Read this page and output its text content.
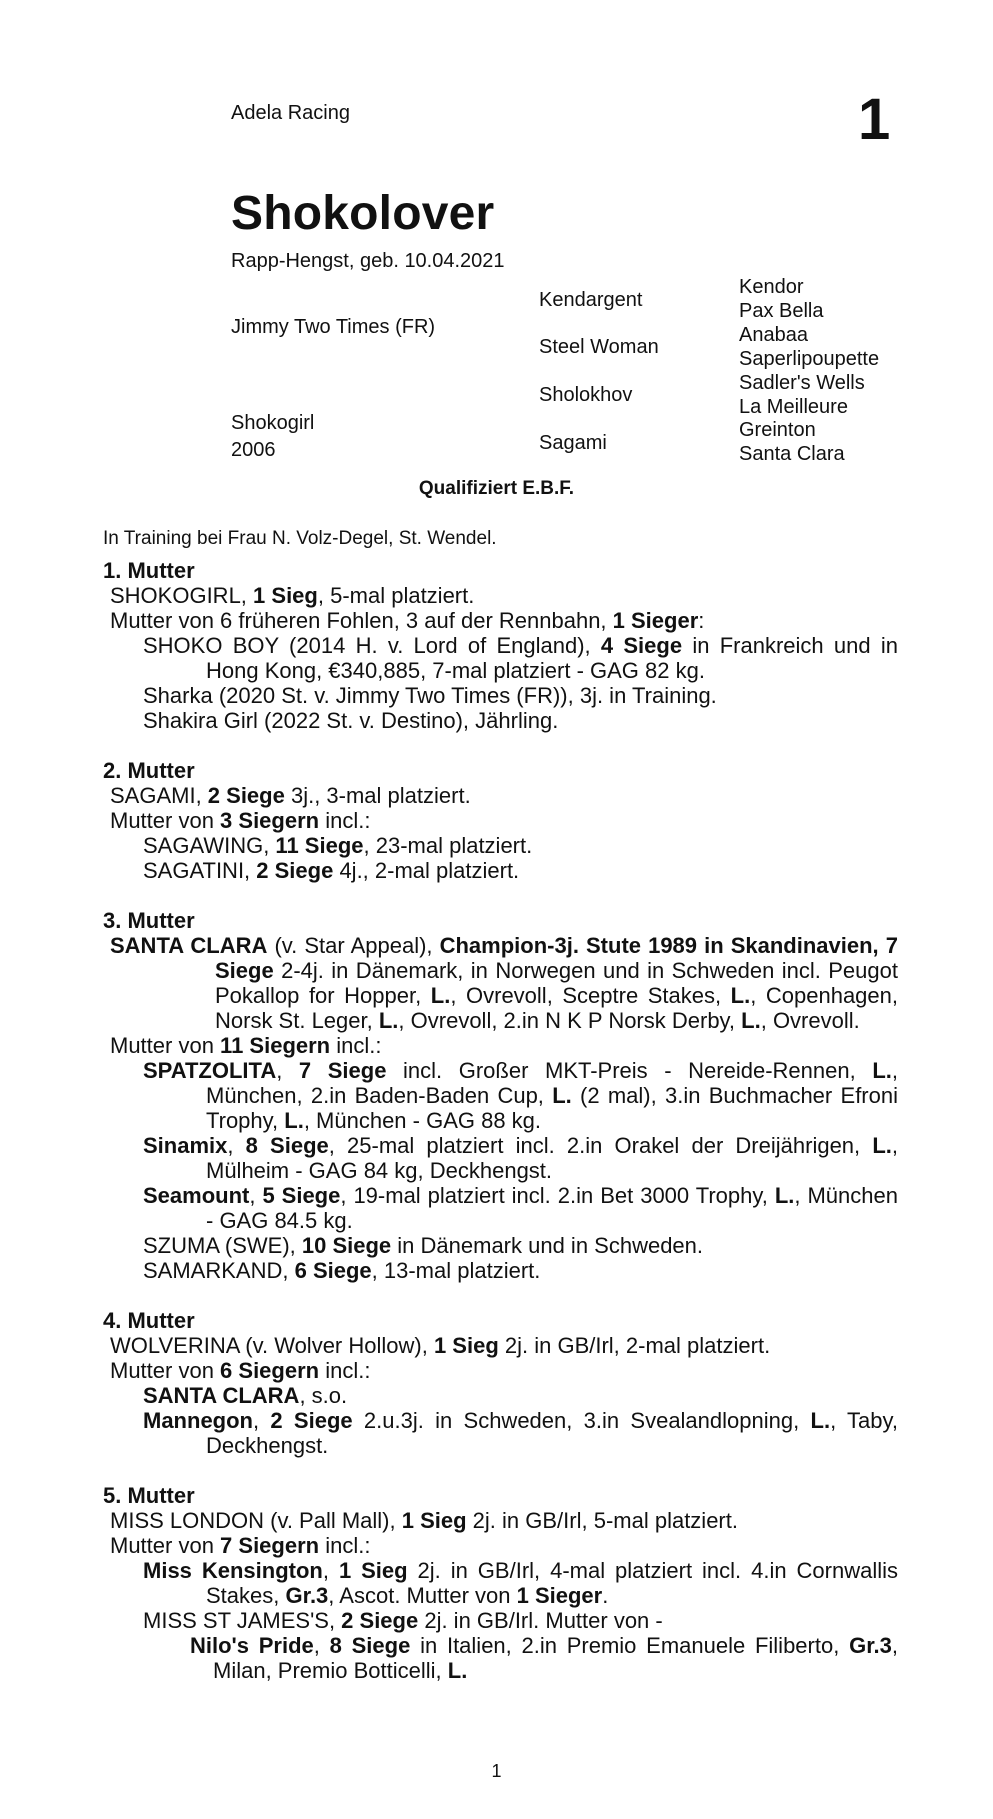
Adela Racing	1
Shokolover
Rapp-Hengst, geb. 10.04.2021
Jimmy Two Times (FR)
Shokogirl
2006
Kendargent
Steel Woman
Sholokhov
Sagami
Kendor
Pax Bella
Anabaa
Saperlipoupette
Sadler's Wells
La Meilleure
Greinton
Santa Clara
Qualifiziert E.B.F.
In Training bei Frau N. Volz-Degel, St. Wendel.
1. Mutter
SHOKOGIRL, 1 Sieg, 5-mal platziert.
Mutter von 6 früheren Fohlen, 3 auf der Rennbahn, 1 Sieger:
SHOKO BOY (2014 H. v. Lord of England), 4 Siege in Frankreich und in Hong Kong, €340,885, 7-mal platziert - GAG 82 kg.
Sharka (2020 St. v. Jimmy Two Times (FR)), 3j. in Training.
Shakira Girl (2022 St. v. Destino), Jährling.
2. Mutter
SAGAMI, 2 Siege 3j., 3-mal platziert.
Mutter von 3 Siegern incl.:
SAGAWING, 11 Siege, 23-mal platziert.
SAGATINI, 2 Siege 4j., 2-mal platziert.
3. Mutter
SANTA CLARA (v. Star Appeal), Champion-3j. Stute 1989 in Skandinavien, 7 Siege 2-4j. in Dänemark, in Norwegen und in Schweden incl. Peugot Pokallop for Hopper, L., Ovrevoll, Sceptre Stakes, L., Copenhagen, Norsk St. Leger, L., Ovrevoll, 2.in N K P Norsk Derby, L., Ovrevoll.
Mutter von 11 Siegern incl.:
SPATZOLITA, 7 Siege incl. Großer MKT-Preis - Nereide-Rennen, L., München, 2.in Baden-Baden Cup, L. (2 mal), 3.in Buchmacher Efroni Trophy, L., München - GAG 88 kg.
Sinamix, 8 Siege, 25-mal platziert incl. 2.in Orakel der Dreijährigen, L., Mülheim - GAG 84 kg, Deckhengst.
Seamount, 5 Siege, 19-mal platziert incl. 2.in Bet 3000 Trophy, L., München - GAG 84.5 kg.
SZUMA (SWE), 10 Siege in Dänemark und in Schweden.
SAMARKAND, 6 Siege, 13-mal platziert.
4. Mutter
WOLVERINA (v. Wolver Hollow), 1 Sieg 2j. in GB/Irl, 2-mal platziert.
Mutter von 6 Siegern incl.:
SANTA CLARA, s.o.
Mannegon, 2 Siege 2.u.3j. in Schweden, 3.in Svealandlopning, L., Taby, Deckhengst.
5. Mutter
MISS LONDON (v. Pall Mall), 1 Sieg 2j. in GB/Irl, 5-mal platziert.
Mutter von 7 Siegern incl.:
Miss Kensington, 1 Sieg 2j. in GB/Irl, 4-mal platziert incl. 4.in Cornwallis Stakes, Gr.3, Ascot. Mutter von 1 Sieger.
MISS ST JAMES'S, 2 Siege 2j. in GB/Irl. Mutter von -
Nilo's Pride, 8 Siege in Italien, 2.in Premio Emanuele Filiberto, Gr.3, Milan, Premio Botticelli, L.
1
